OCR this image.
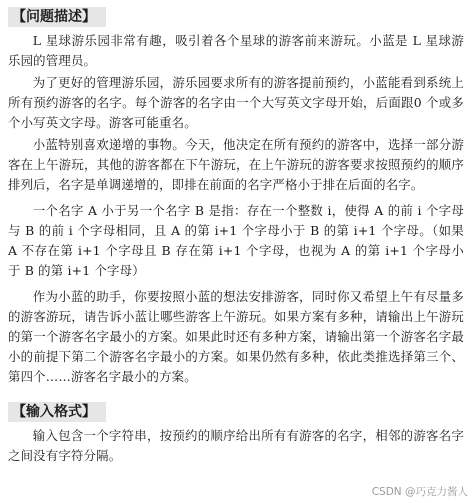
【问题描述】

L 星球游乐园非常有趣，吸引着各个星球的游客前来游玩。小蓝是 L 星球游乐园的管理员。

为了更好的管理游乐园，游乐园要求所有的游客提前预约，小蓝能看到系统上所有预约游客的名字。每个游客的名字由一个大写英文字母开始，后面跟0 个或多个小写英文字母。游客可能重名。

小蓝特别喜欢递增的事物。今天，他决定在所有预约的游客中，选择一部分游客在上午游玩，其他的游客都在下午游玩，在上午游玩的游客要求按照预约的顺序排列后，名字是单调递增的，即排在前面的名字严格小于排在后面的名字。

一个名字 A 小于另一个名字 B 是指：存在一个整数 i，使得 A 的前 i 个字母与 B 的前 i 个字母相同，且 A 的第 i+1 个字母小于 B 的第 i+1 个字母。（如果 A 不存在第 i+1 个字母且 B 存在第 i+1 个字母，也视为 A 的第 i+1 个字母小于 B 的第 i+1 个字母）

作为小蓝的助手，你要按照小蓝的想法安排游客，同时你又希望上午有尽量多的游客游玩，请告诉小蓝让哪些游客上午游玩。如果方案有多种，请输出上午游玩的第一个游客名字最小的方案。如果此时还有多种方案，请输出第一个游客名字最小的前提下第二个游客名字最小的方案。如果仍然有多种，依此类推选择第三个、第四个……游客名字最小的方案。

【输入格式】

输入包含一个字符串，按预约的顺序给出所有有游客的名字，相邻的游客名字之间没有字符分隔。

CSDN @巧克力酱人
